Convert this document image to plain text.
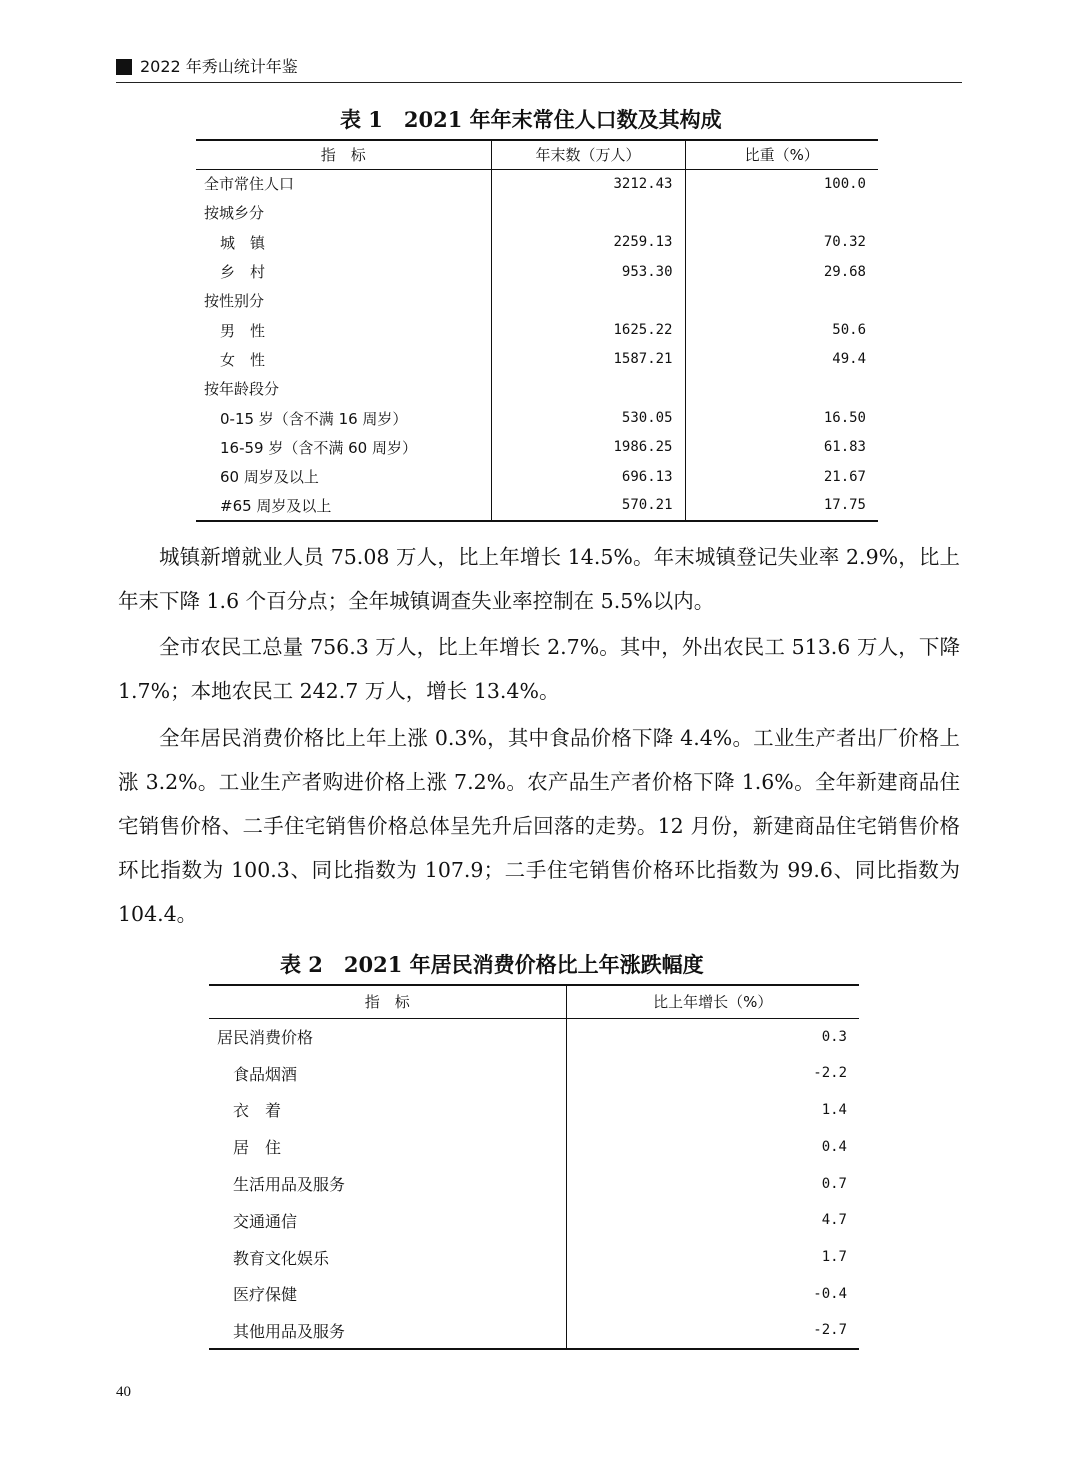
2022 年秀山统计年鉴
表 1　2021 年年末常住人口数及其构成
指　标	年末数（万人）	比重（%）
全市常住人口	3212.43	100.0
按城乡分		
城　镇	2259.13	70.32
乡　村	953.30	29.68
按性别分		
男　性	1625.22	50.6
女　性	1587.21	49.4
按年龄段分		
0-15 岁（含不满 16 周岁）	530.05	16.50
16-59 岁（含不满 60 周岁）	1986.25	61.83
60 周岁及以上	696.13	21.67
#65 周岁及以上	570.21	17.75

城镇新增就业人员 75.08 万人，比上年增长 14.5%。年末城镇登记失业率 2.9%，比上年末下降 1.6 个百分点；全年城镇调查失业率控制在 5.5%以内。

全市农民工总量 756.3 万人，比上年增长 2.7%。其中，外出农民工 513.6 万人，下降 1.7%；本地农民工 242.7 万人，增长 13.4%。

全年居民消费价格比上年上涨 0.3%，其中食品价格下降 4.4%。工业生产者出厂价格上涨 3.2%。工业生产者购进价格上涨 7.2%。农产品生产者价格下降 1.6%。全年新建商品住宅销售价格、二手住宅销售价格总体呈先升后回落的走势。12 月份，新建商品住宅销售价格环比指数为 100.3、同比指数为 107.9；二手住宅销售价格环比指数为 99.6、同比指数为 104.4。

表 2　2021 年居民消费价格比上年涨跌幅度
指　标	比上年增长（%）
居民消费价格	0.3
食品烟酒	-2.2
衣　着	1.4
居　住	0.4
生活用品及服务	0.7
交通通信	4.7
教育文化娱乐	1.7
医疗保健	-0.4
其他用品及服务	-2.7
40
